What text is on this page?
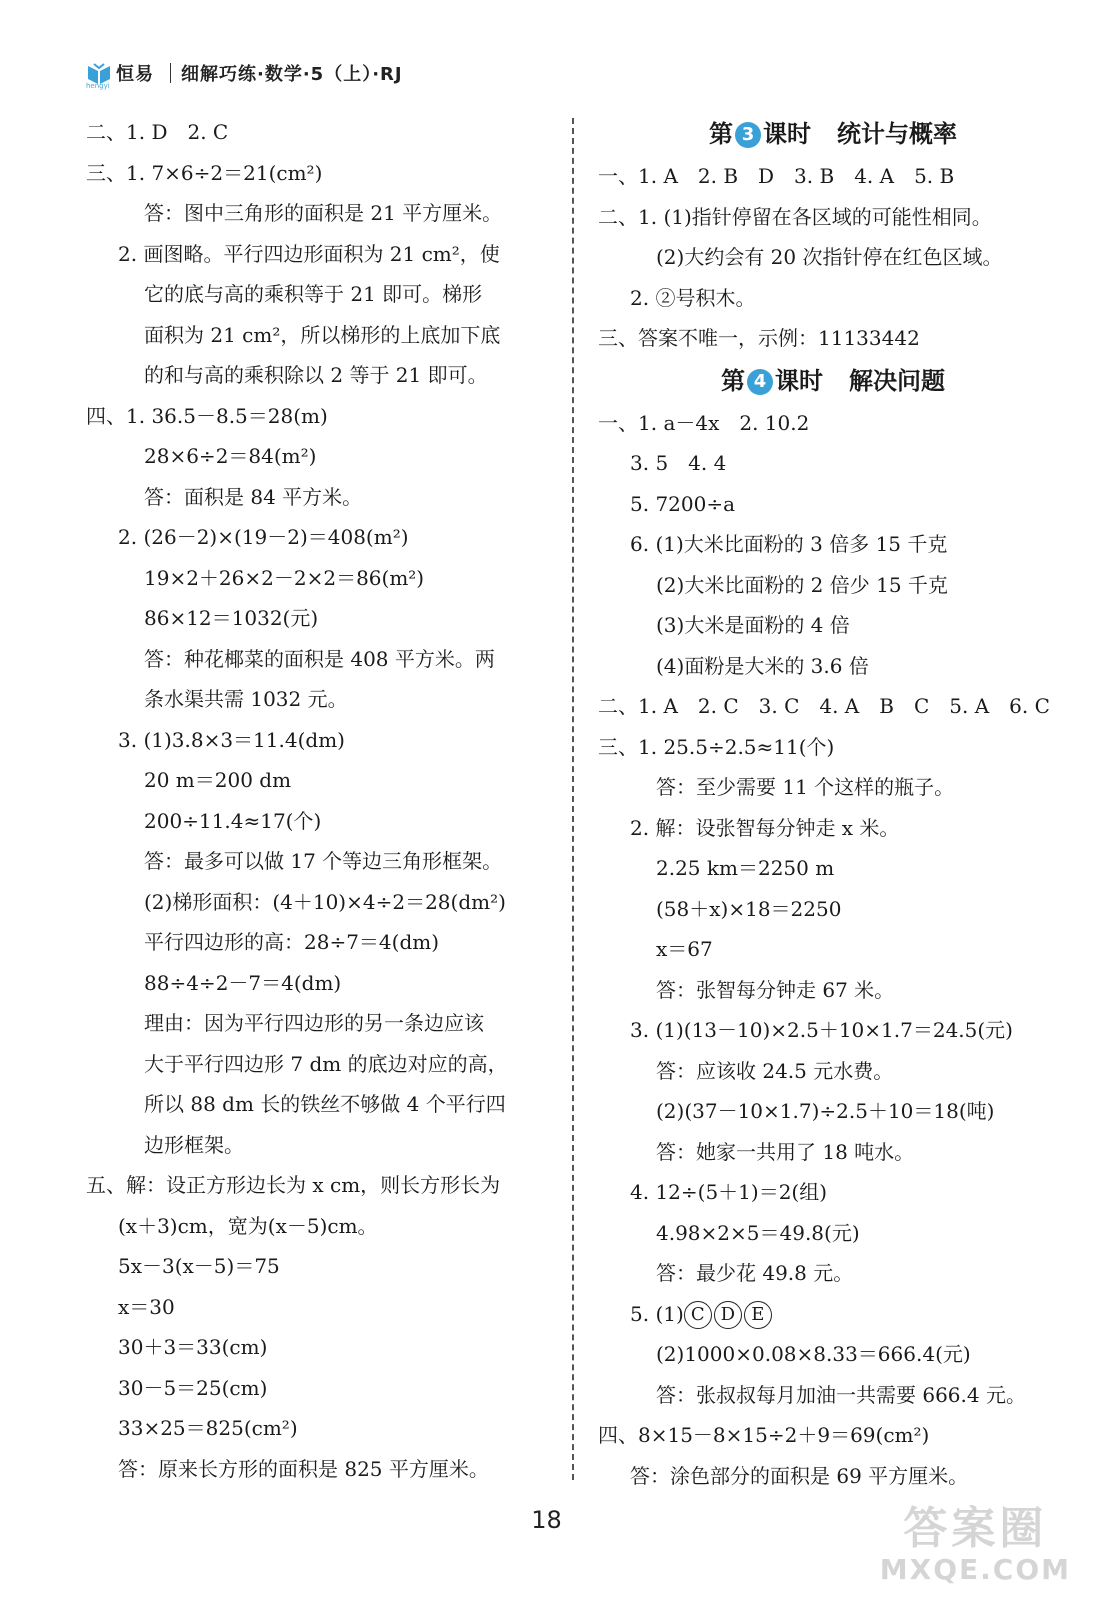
恒易 细解巧练·数学·5（上）·RJ
hengyi
二、1. D　2. C
三、1. 7×6÷2＝21(cm²)
答：图中三角形的面积是 21 平方厘米。
2. 画图略。平行四边形面积为 21 cm²，使
它的底与高的乘积等于 21 即可。梯形
面积为 21 cm²，所以梯形的上底加下底
的和与高的乘积除以 2 等于 21 即可。
四、1. 36.5－8.5＝28(m)
28×6÷2＝84(m²)
答：面积是 84 平方米。
2. (26－2)×(19－2)＝408(m²)
19×2＋26×2－2×2＝86(m²)
86×12＝1032(元)
答：种花椰菜的面积是 408 平方米。两
条水渠共需 1032 元。
3. (1)3.8×3＝11.4(dm)
20 m＝200 dm
200÷11.4≈17(个)
答：最多可以做 17 个等边三角形框架。
(2)梯形面积：(4＋10)×4÷2＝28(dm²)
平行四边形的高：28÷7＝4(dm)
88÷4÷2－7＝4(dm)
理由：因为平行四边形的另一条边应该
大于平行四边形 7 dm 的底边对应的高，
所以 88 dm 长的铁丝不够做 4 个平行四
边形框架。
五、解：设正方形边长为 x cm，则长方形长为
(x＋3)cm，宽为(x－5)cm。
5x－3(x－5)＝75
x＝30
30＋3＝33(cm)
30－5＝25(cm)
33×25＝825(cm²)
答：原来长方形的面积是 825 平方厘米。
第 3 课时 统计与概率
一、1. A　2. B　D　3. B　4. A　5. B
二、1. (1)指针停留在各区域的可能性相同。
(2)大约会有 20 次指针停在红色区域。
2. ②号积木。
三、答案不唯一，示例：11133442
第 4 课时 解决问题
一、1. a－4x　2. 10.2
3. 5　4. 4
5. 7200÷a
6. (1)大米比面粉的 3 倍多 15 千克
(2)大米比面粉的 2 倍少 15 千克
(3)大米是面粉的 4 倍
(4)面粉是大米的 3.6 倍
二、1. A　2. C　3. C　4. A　B　C　5. A　6. C
三、1. 25.5÷2.5≈11(个)
答：至少需要 11 个这样的瓶子。
2. 解：设张智每分钟走 x 米。
2.25 km＝2250 m
(58＋x)×18＝2250
x＝67
答：张智每分钟走 67 米。
3. (1)(13－10)×2.5＋10×1.7＝24.5(元)
答：应该收 24.5 元水费。
(2)(37－10×1.7)÷2.5＋10＝18(吨)
答：她家一共用了 18 吨水。
4. 12÷(5＋1)＝2(组)
4.98×2×5＝49.8(元)
答：最少花 49.8 元。
5. (1) C D E
(2)1000×0.08×8.33＝666.4(元)
答：张叔叔每月加油一共需要 666.4 元。
四、8×15－8×15÷2＋9＝69(cm²)
答：涂色部分的面积是 69 平方厘米。
18	答案圈
MXQE.COM
